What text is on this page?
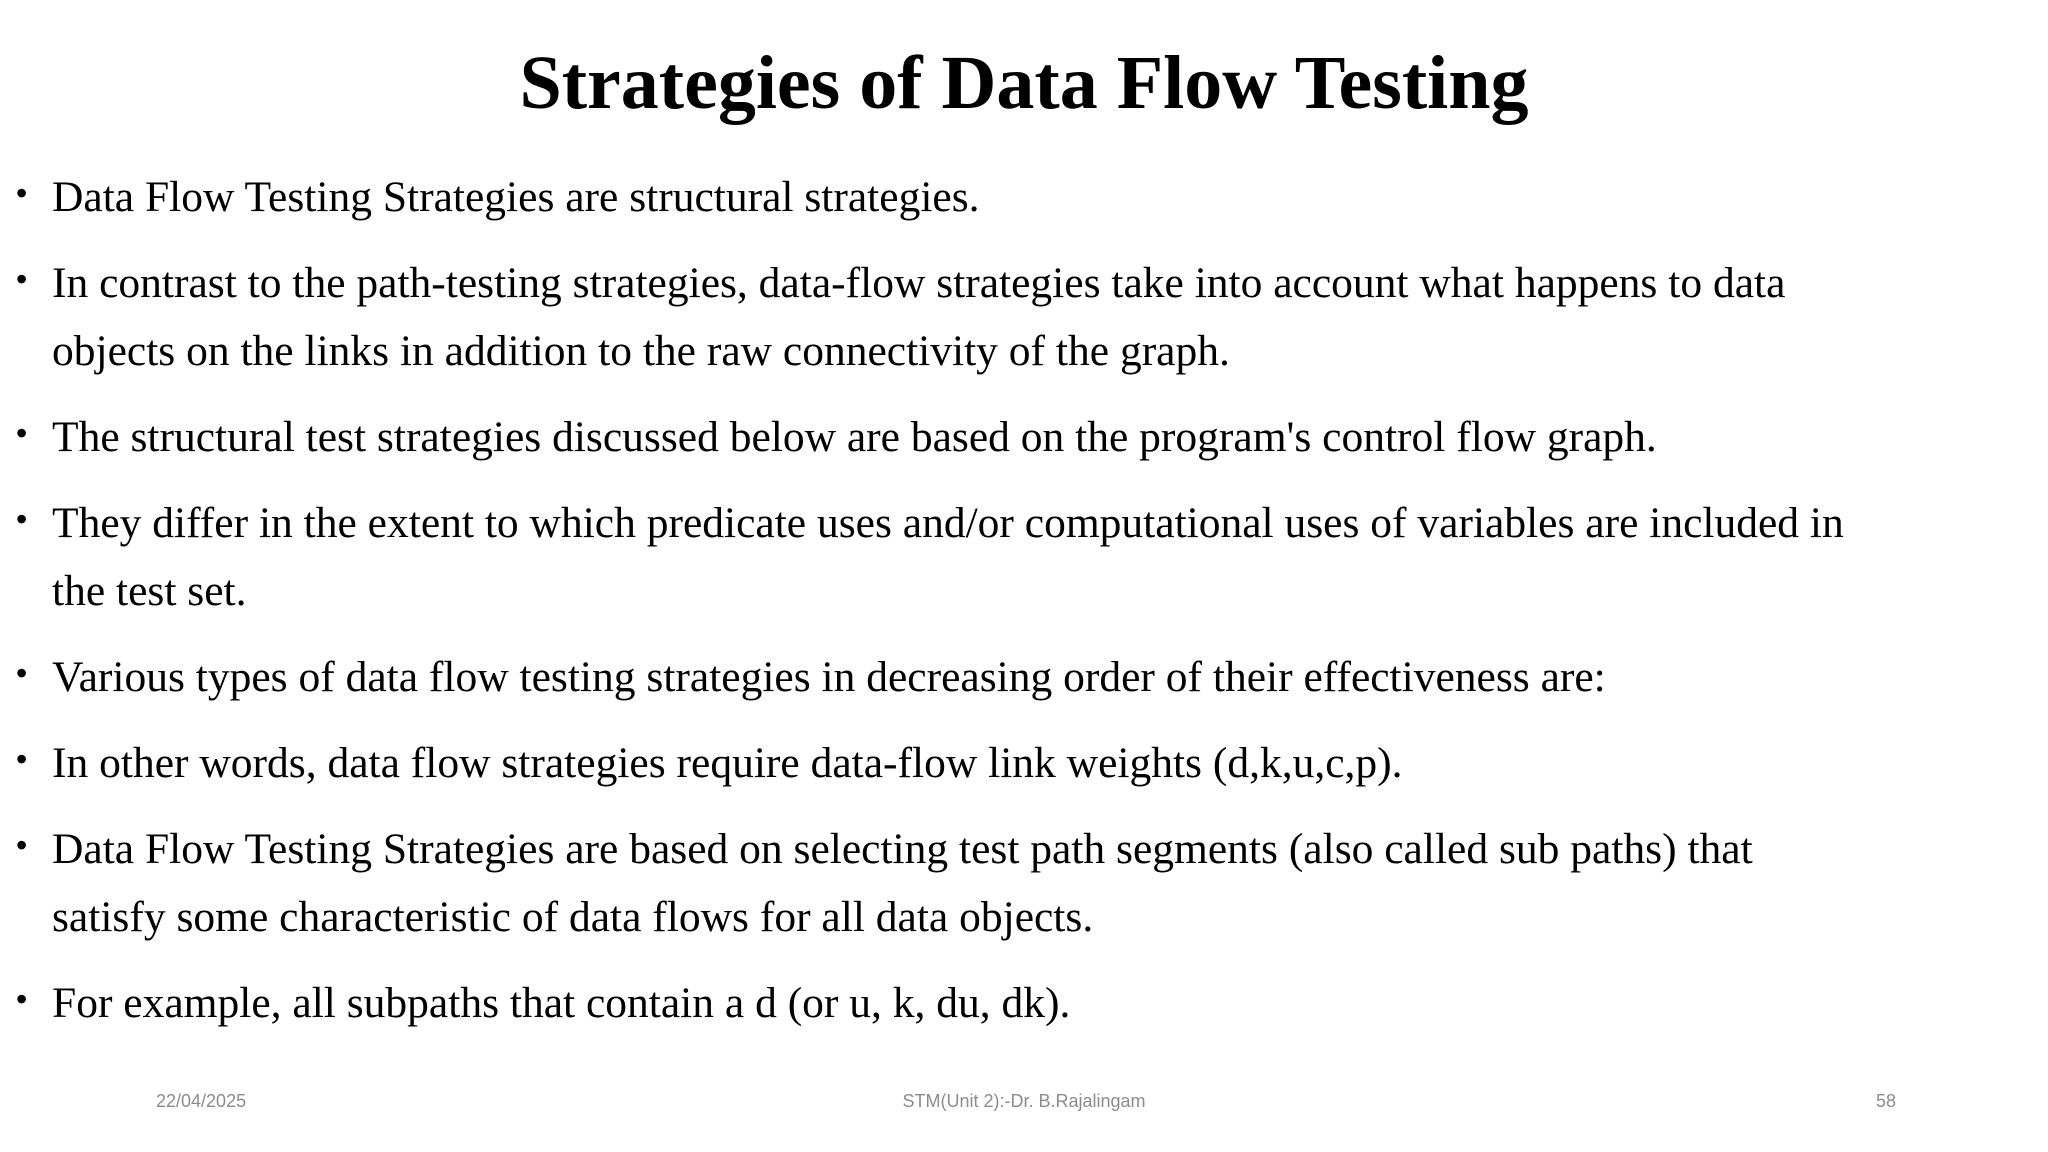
Strategies of Data Flow Testing
• Data Flow Testing Strategies are structural strategies.
• In contrast to the path-testing strategies, data-flow strategies take into account what happens to data
objects on the links in addition to the raw connectivity of the graph.
• The structural test strategies discussed below are based on the program's control flow graph.
• They differ in the extent to which predicate uses and/or computational uses of variables are included in
the test set.
• Various types of data flow testing strategies in decreasing order of their effectiveness are:
• In other words, data flow strategies require data-flow link weights (d,k,u,c,p).
• Data Flow Testing Strategies are based on selecting test path segments (also called sub paths) that
satisfy some characteristic of data flows for all data objects.
• For example, all subpaths that contain a d (or u, k, du, dk).
22/04/2025	STM(Unit 2):-Dr. B.Rajalingam	58
